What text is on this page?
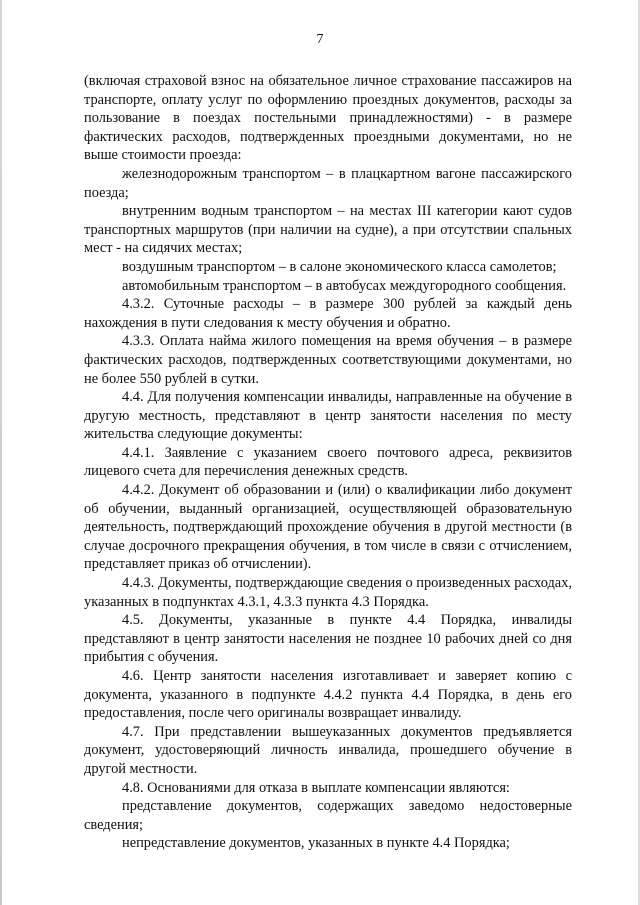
7

(включая страховой взнос на обязательное личное страхование пассажиров на транспорте, оплату услуг по оформлению проездных документов, расходы за пользование в поездах постельными принадлежностями) - в размере фактических расходов, подтвержденных проездными документами, но не выше стоимости проезда:

железнодорожным транспортом – в плацкартном вагоне пассажирского поезда;

внутренним водным транспортом – на местах III категории кают судов транспортных маршрутов (при наличии на судне), а при отсутствии спальных мест - на сидячих местах;

воздушным транспортом – в салоне экономического класса самолетов;

автомобильным транспортом – в автобусах междугородного сообщения.

4.3.2. Суточные расходы – в размере 300 рублей за каждый день нахождения в пути следования к месту обучения и обратно.

4.3.3. Оплата найма жилого помещения на время обучения – в размере фактических расходов, подтвержденных соответствующими документами, но не более 550 рублей в сутки.

4.4. Для получения компенсации инвалиды, направленные на обучение в другую местность, представляют в центр занятости населения по месту жительства следующие документы:

4.4.1. Заявление с указанием своего почтового адреса, реквизитов лицевого счета для перечисления денежных средств.

4.4.2. Документ об образовании и (или) о квалификации либо документ об обучении, выданный организацией, осуществляющей образовательную деятельность, подтверждающий прохождение обучения в другой местности (в случае досрочного прекращения обучения, в том числе в связи с отчислением, представляет приказ об отчислении).

4.4.3. Документы, подтверждающие сведения о произведенных расходах, указанных в подпунктах 4.3.1, 4.3.3 пункта 4.3 Порядка.

4.5. Документы, указанные в пункте 4.4 Порядка, инвалиды представляют в центр занятости населения не позднее 10 рабочих дней со дня прибытия с обучения.

4.6. Центр занятости населения изготавливает и заверяет копию с документа, указанного в подпункте 4.4.2 пункта 4.4 Порядка, в день его предоставления, после чего оригиналы возвращает инвалиду.

4.7. При представлении вышеуказанных документов предъявляется документ, удостоверяющий личность инвалида, прошедшего обучение в другой местности.

4.8. Основаниями для отказа в выплате компенсации являются:

представление документов, содержащих заведомо недостоверные сведения;

непредставление документов, указанных в пункте 4.4 Порядка;
